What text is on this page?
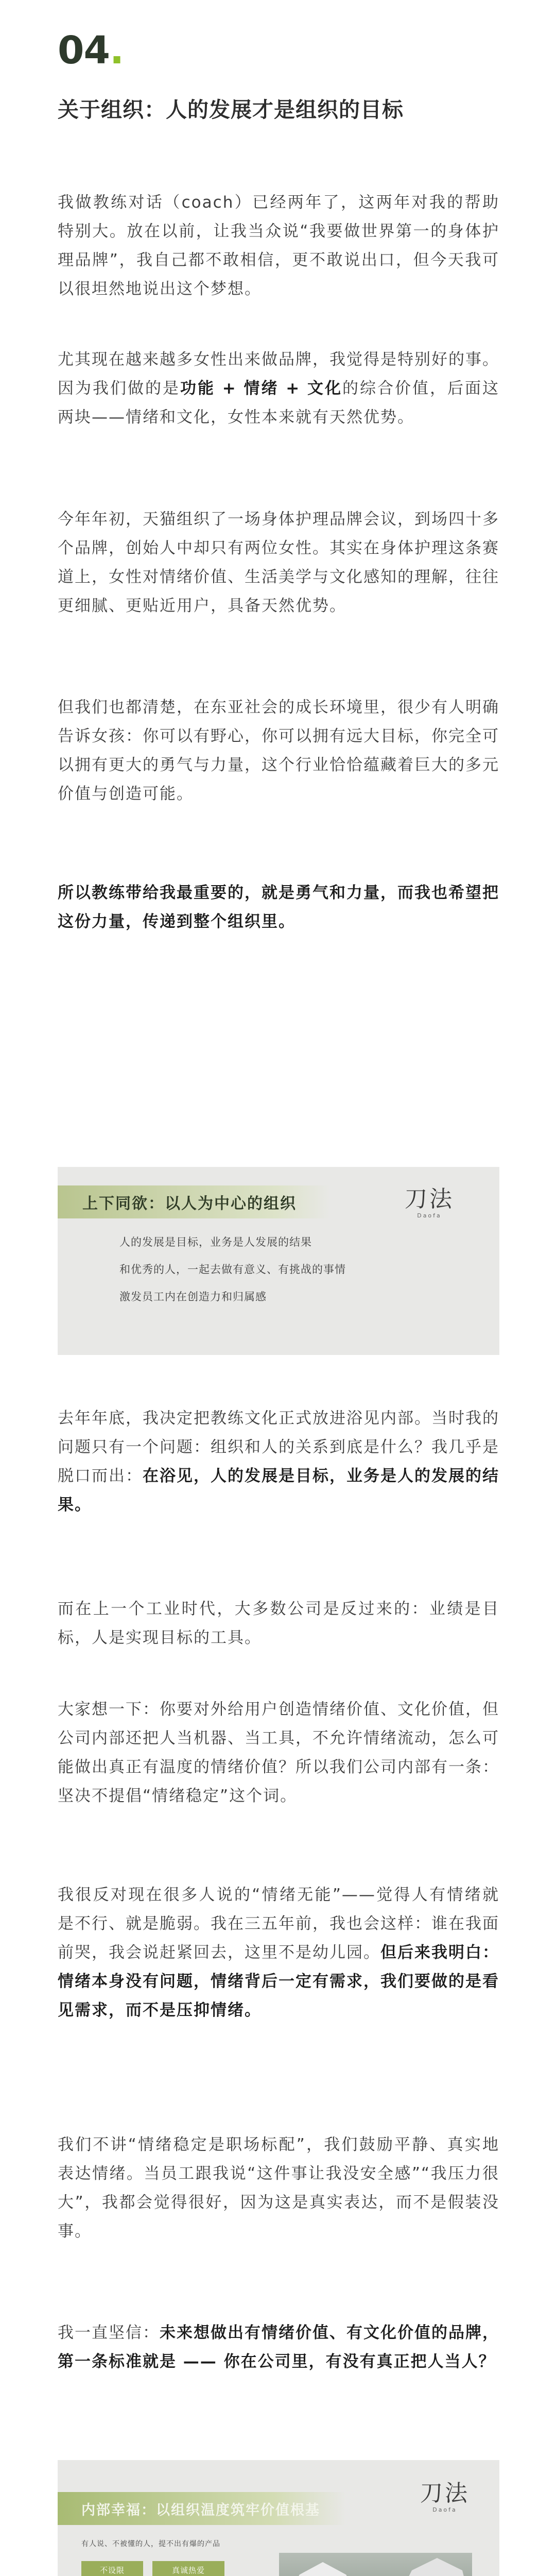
04.
关于组织：人的发展才是组织的目标

我做教练对话（coach）已经两年了，这两年对我的帮助特别大。放在以前，让我当众说“我要做世界第一的身体护理品牌”，我自己都不敢相信，更不敢说出口，但今天我可以很坦然地说出这个梦想。

尤其现在越来越多女性出来做品牌，我觉得是特别好的事。因为我们做的是功能 + 情绪 + 文化的综合价值，后面这两块——情绪和文化，女性本来就有天然优势。

今年年初，天猫组织了一场身体护理品牌会议，到场四十多个品牌，创始人中却只有两位女性。其实在身体护理这条赛道上，女性对情绪价值、生活美学与文化感知的理解，往往更细腻、更贴近用户，具备天然优势。

但我们也都清楚，在东亚社会的成长环境里，很少有人明确告诉女孩：你可以有野心，你可以拥有远大目标，你完全可以拥有更大的勇气与力量，这个行业恰恰蕴藏着巨大的多元价值与创造可能。

所以教练带给我最重要的，就是勇气和力量，而我也希望把这份力量，传递到整个组织里。

上下同欲：以人为中心的组织
人的发展是目标，业务是人发展的结果
和优秀的人，一起去做有意义、有挑战的事情
激发员工内在创造力和归属感
刀法
Daofa

去年年底，我决定把教练文化正式放进浴见内部。当时我的问题只有一个问题：组织和人的关系到底是什么？我几乎是脱口而出：在浴见，人的发展是目标，业务是人的发展的结果。

而在上一个工业时代，大多数公司是反过来的：业绩是目标，人是实现目标的工具。

大家想一下：你要对外给用户创造情绪价值、文化价值，但公司内部还把人当机器、当工具，不允许情绪流动，怎么可能做出真正有温度的情绪价值？所以我们公司内部有一条：坚决不提倡“情绪稳定”这个词。

我很反对现在很多人说的“情绪无能”——觉得人有情绪就是不行、就是脆弱。我在三五年前，我也会这样：谁在我面前哭，我会说赶紧回去，这里不是幼儿园。但后来我明白：情绪本身没有问题，情绪背后一定有需求，我们要做的是看见需求，而不是压抑情绪。

我们不讲“情绪稳定是职场标配”，我们鼓励平静、真实地表达情绪。当员工跟我说“这件事让我没安全感”“我压力很大”，我都会觉得很好，因为这是真实表达，而不是假装没事。

我一直坚信：未来想做出有情绪价值、有文化价值的品牌，第一条标准就是 —— 你在公司里，有没有真正把人当人？

内部幸福：以组织温度筑牢价值根基
有人说、不被懂的人，提不出有爆的产品
不设限	真诚热爱
刀法
Daofa
